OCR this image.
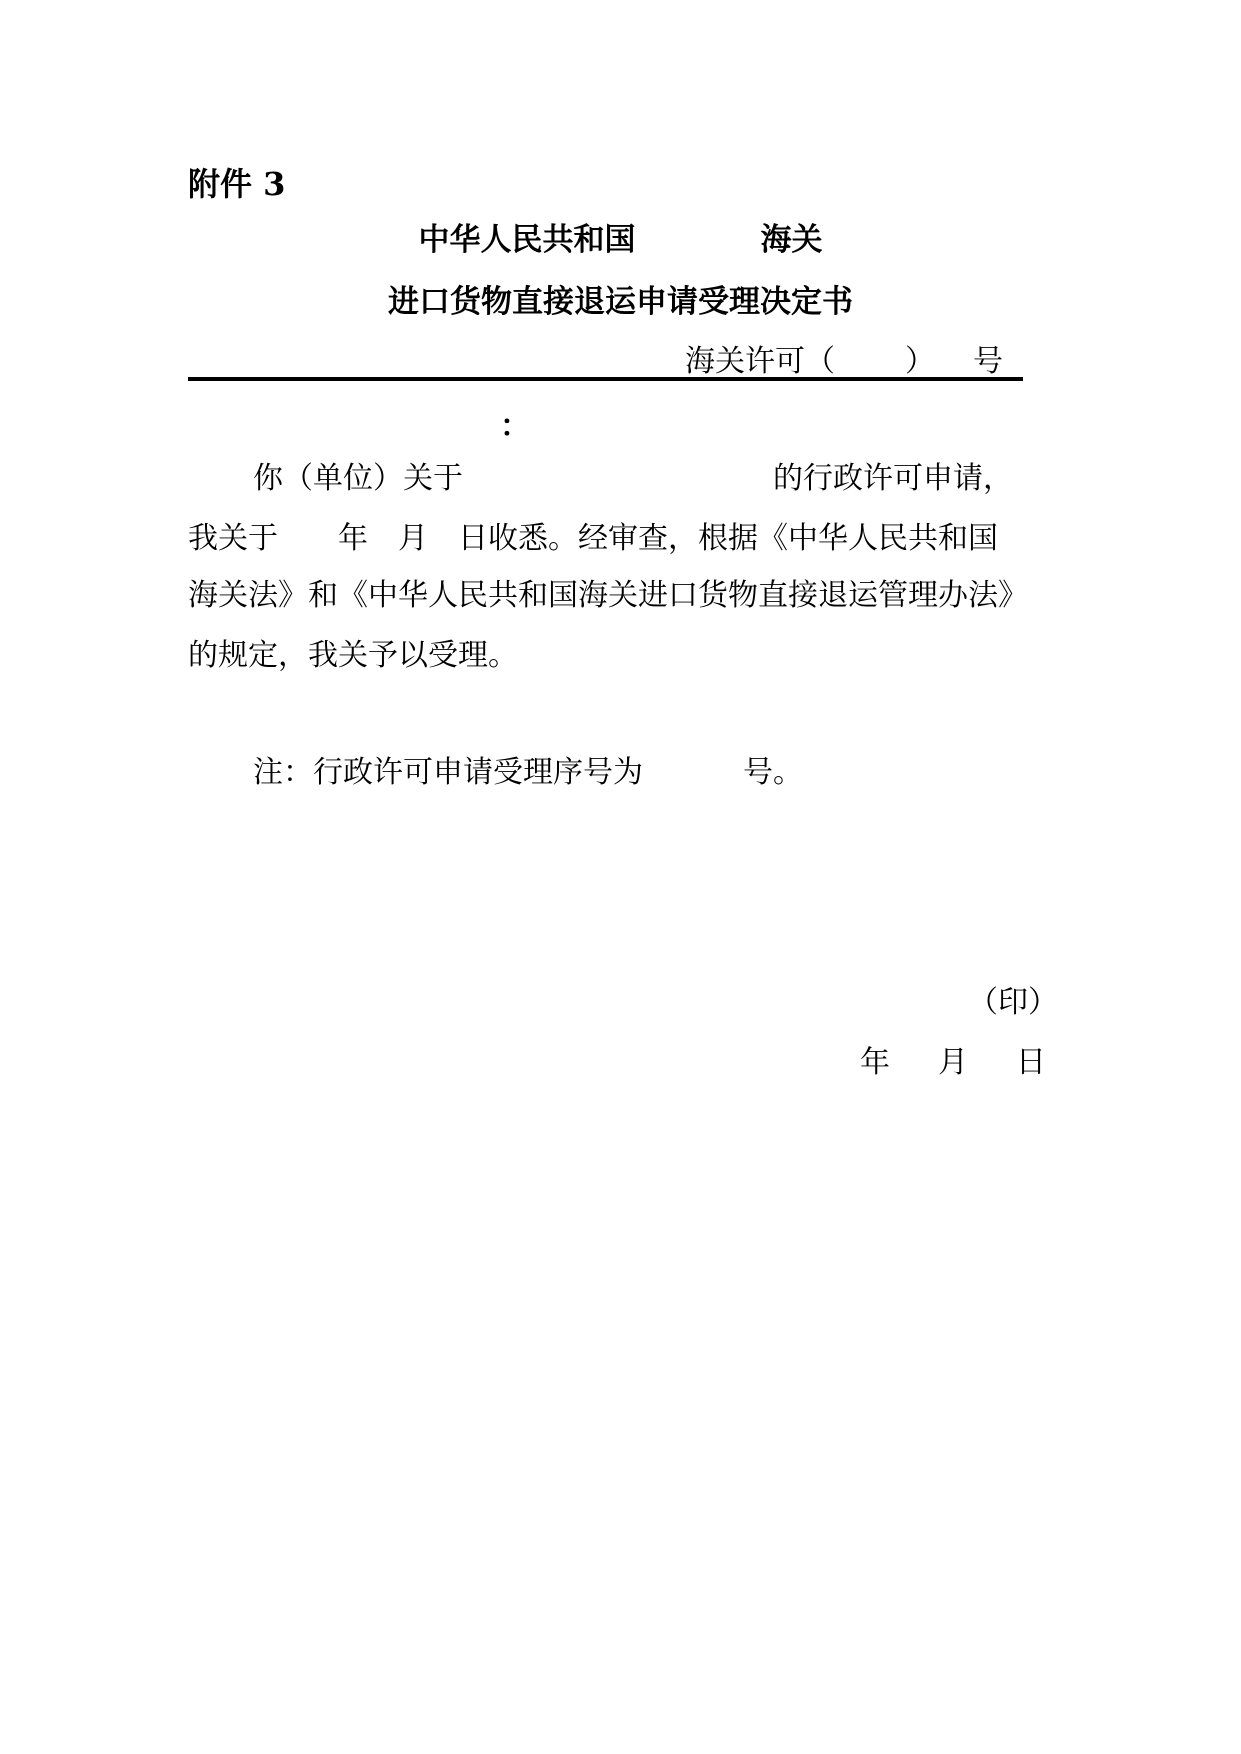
附件 3
中华人民共和国	海关
进口货物直接退运申请受理决定书
海关许可（ ） 号
：
你（单位）关于	的行政许可申请，
我关于 年 月 日收悉。经审查，根据《中华人民共和国
海关法》和《中华人民共和国海关进口货物直接退运管理办法》
的规定，我关予以受理。
注：行政许可申请受理序号为	号。
（印）
年 月 日
